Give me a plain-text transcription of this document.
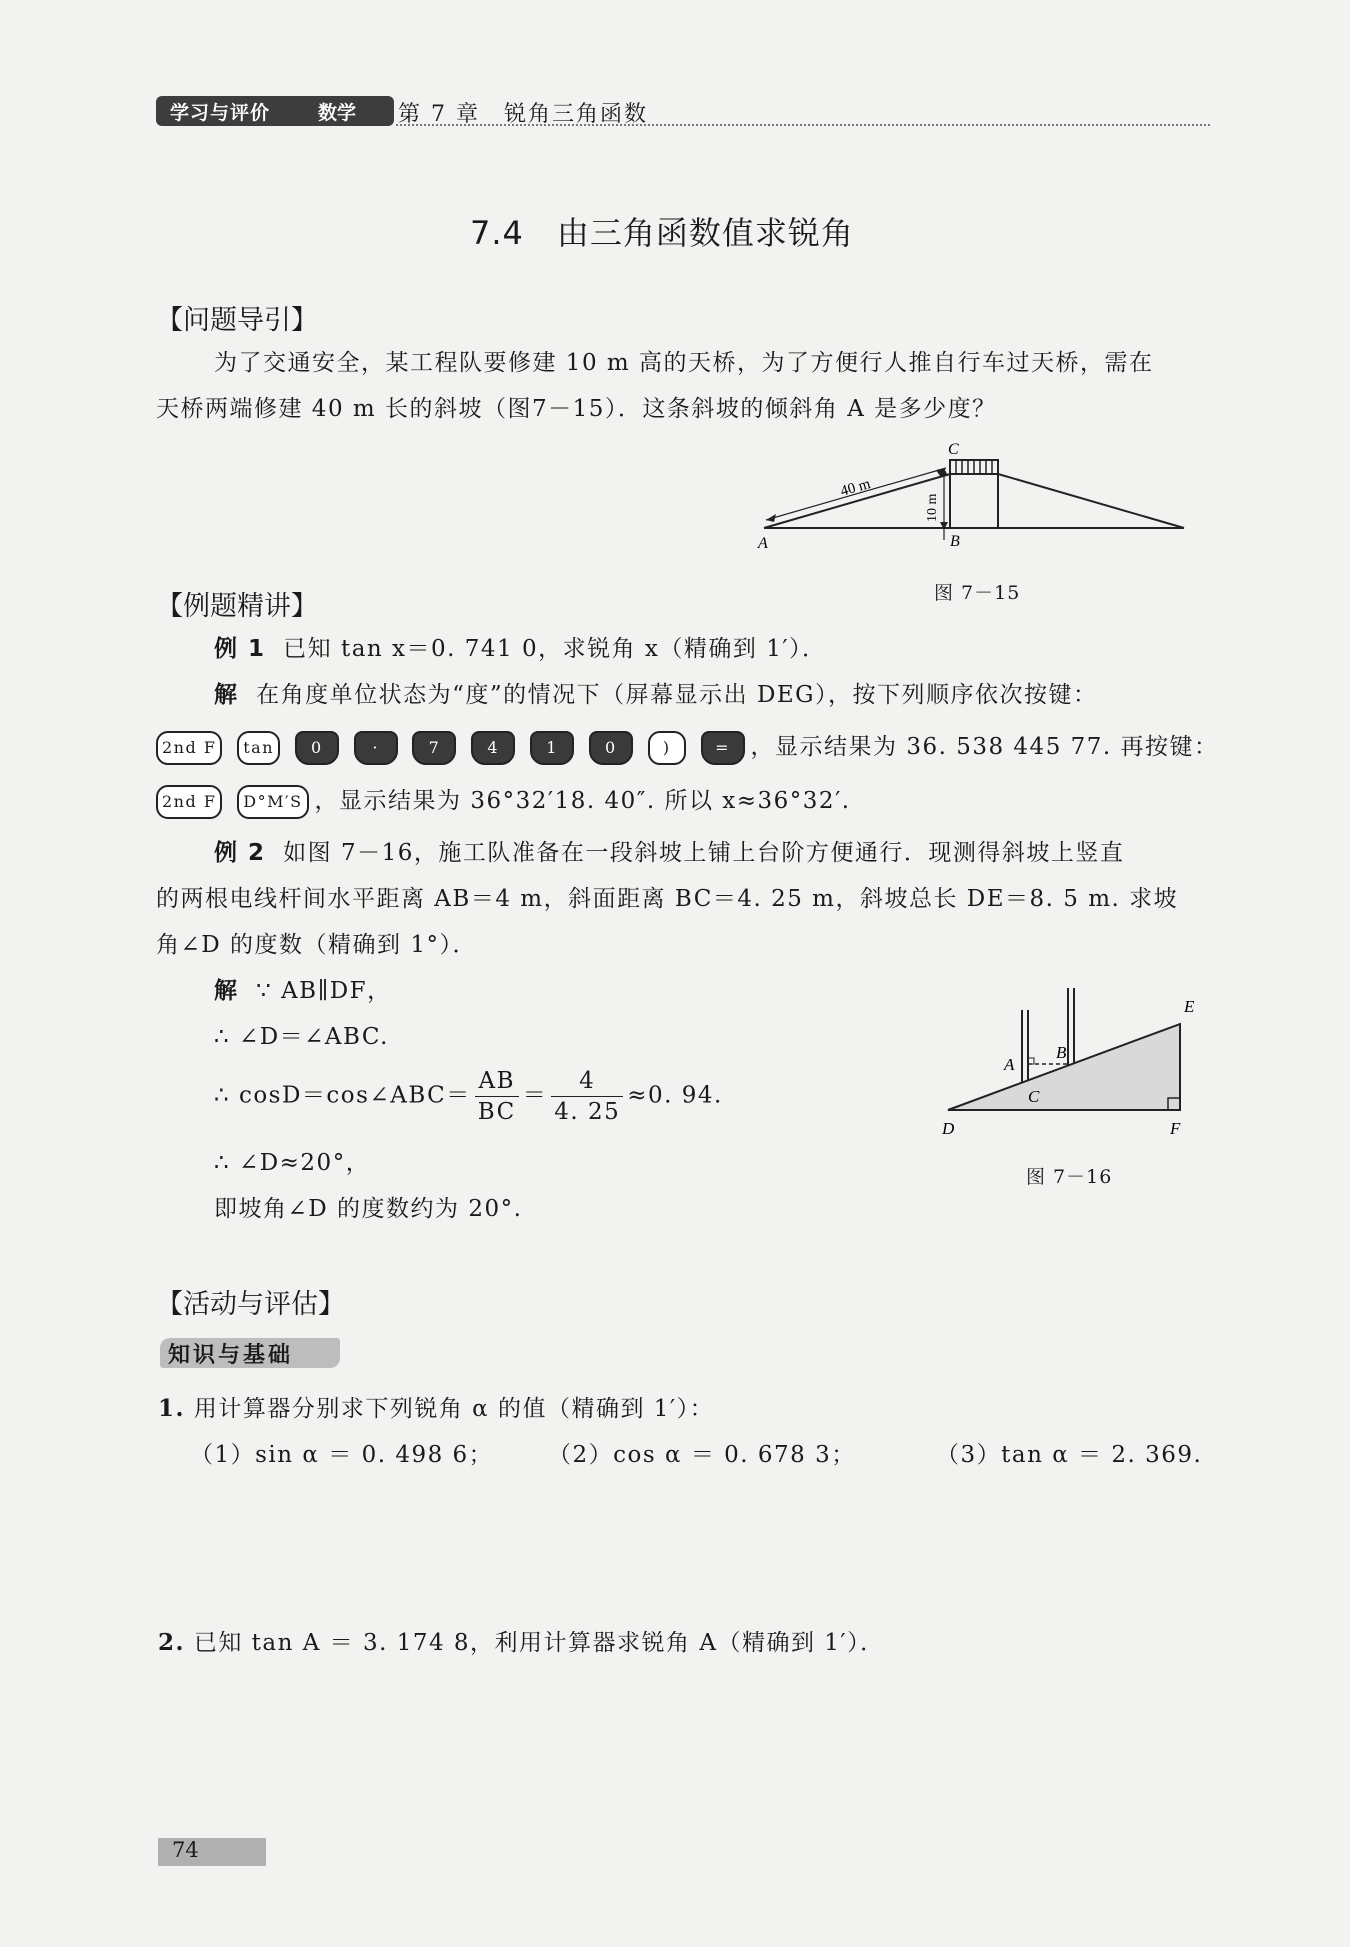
学习与评价	数学 第 7 章　锐角三角函数
7.4　由三角函数值求锐角
【问题导引】
为了交通安全，某工程队要修建 10 m 高的天桥，为了方便行人推自行车过天桥，需在
天桥两端修建 40 m 长的斜坡（图7－15）．这条斜坡的倾斜角 A 是多少度？
C
A	B
40 m
10 m
图 7－15
【例题精讲】
例 1 已知 tan x＝0. 741 0，求锐角 x（精确到 1′）．
解 在角度单位状态为“度”的情况下（屏幕显示出 DEG），按下列顺序依次按键：
2nd F tan 0	·	7	4	1	0	)	= ，显示结果为 36. 538 445 77. 再按键：
2nd F D°M′S ，显示结果为 36°32′18. 40″. 所以 x≈36°32′.
例 2 如图 7－16，施工队准备在一段斜坡上铺上台阶方便通行．现测得斜坡上竖直
的两根电线杆间水平距离 AB＝4 m，斜面距离 BC＝4. 25 m，斜坡总长 DE＝8. 5 m. 求坡
角∠D 的度数（精确到 1°）．
解 ∵ AB∥DF，
∴ ∠D＝∠ABC.
∴ cosD＝cos∠ABC＝ $\frac{AB}{BC} = \frac{4}{4. 25} \approx 0$. 94.
∴ ∠D≈20°，
即坡角∠D 的度数约为 20°.
E
A
B
C
D	F
图 7－16
【活动与评估】
知识与基础
1. 用计算器分别求下列锐角 α 的值（精确到 1′）：
（1）sin α ＝ 0. 498 6； （2）cos α ＝ 0. 678 3；	（3）tan α ＝ 2. 369.
2. 已知 tan A ＝ 3. 174 8，利用计算器求锐角 A（精确到 1′）．
74
